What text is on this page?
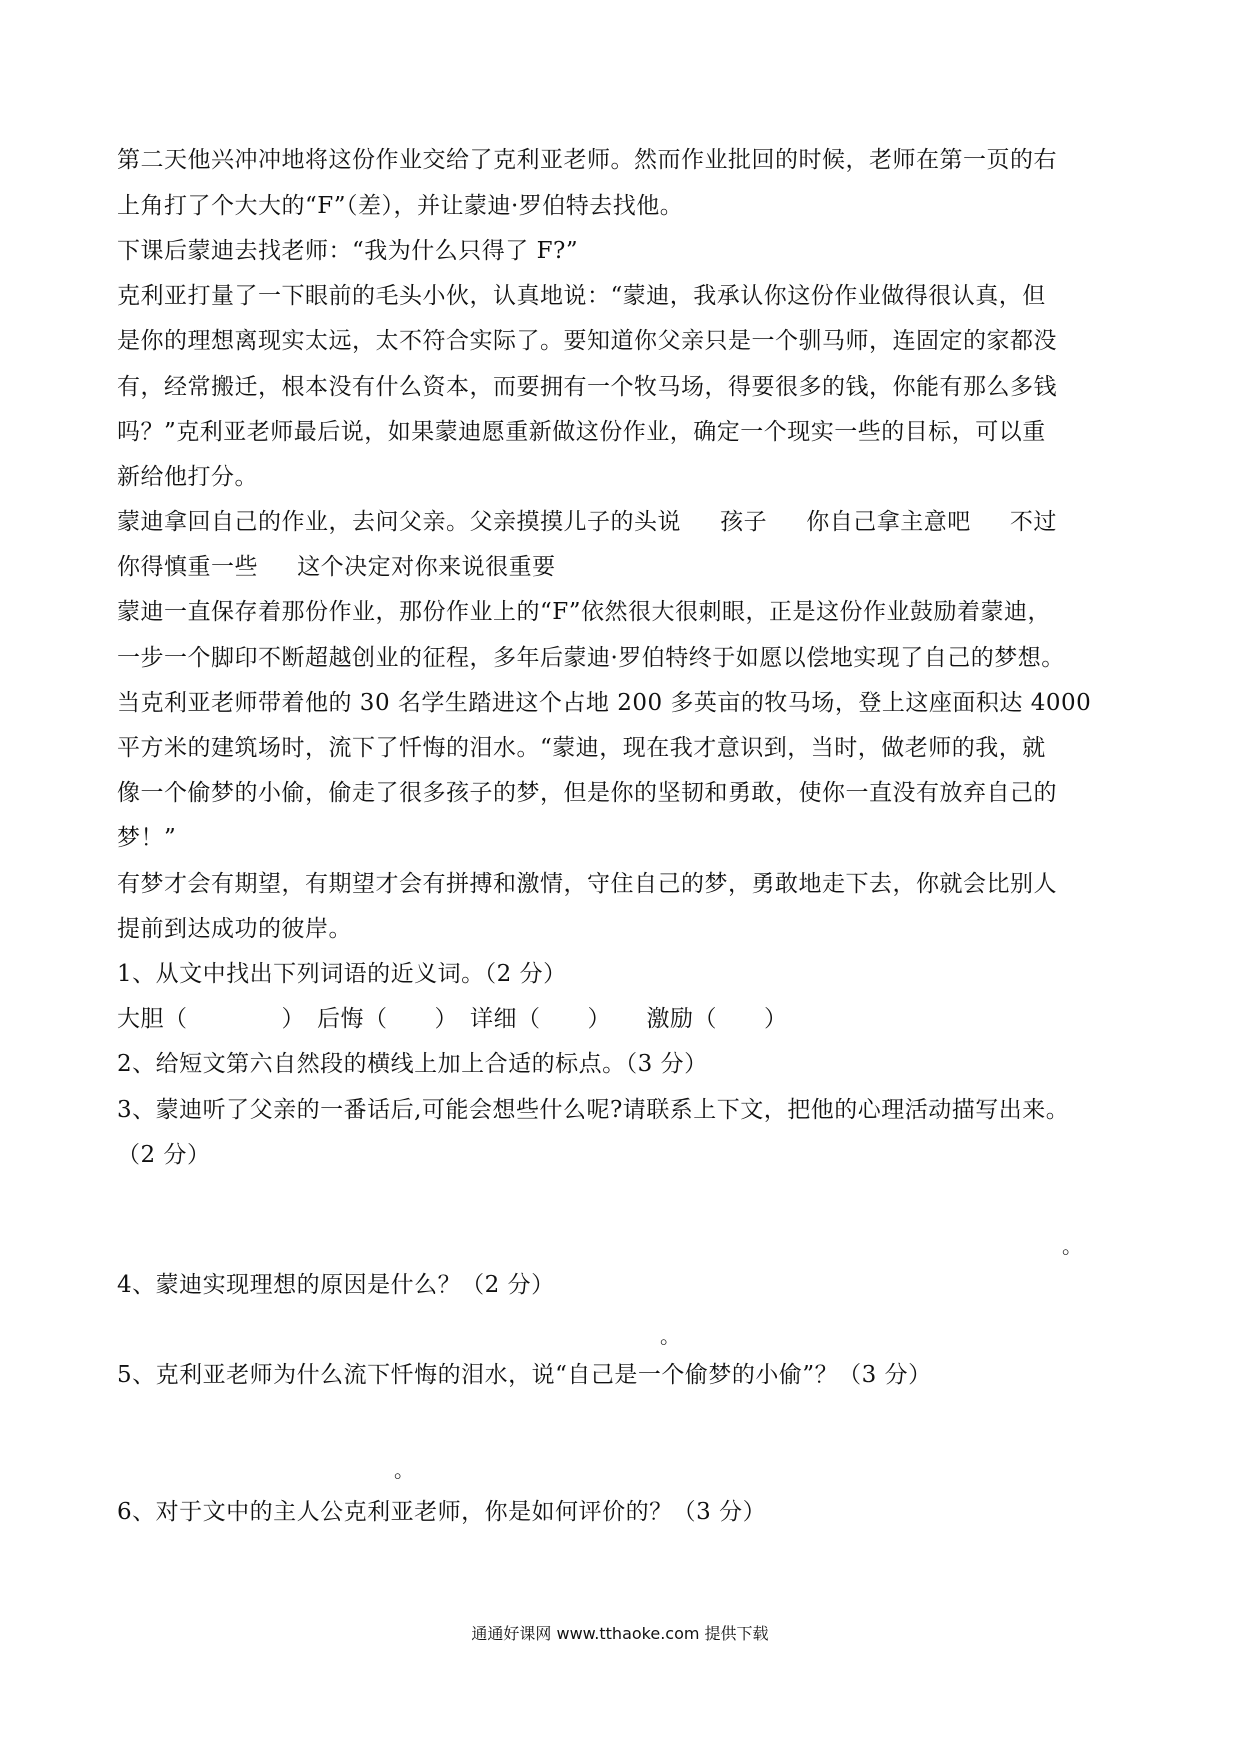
第二天他兴冲冲地将这份作业交给了克利亚老师。然而作业批回的时候，老师在第一页的右
上角打了个大大的“F”（差），并让蒙迪·罗伯特去找他。
下课后蒙迪去找老师：“我为什么只得了 F?”
克利亚打量了一下眼前的毛头小伙，认真地说：“蒙迪，我承认你这份作业做得很认真，但
是你的理想离现实太远，太不符合实际了。要知道你父亲只是一个驯马师，连固定的家都没
有，经常搬迁，根本没有什么资本，而要拥有一个牧马场，得要很多的钱，你能有那么多钱
吗？”克利亚老师最后说，如果蒙迪愿重新做这份作业，确定一个现实一些的目标，可以重
新给他打分。
蒙迪拿回自己的作业，去问父亲。父亲摸摸儿子的头说 　 孩子 　 你自己拿主意吧 　 不过
你得慎重一些 　 这个决定对你来说很重要
蒙迪一直保存着那份作业，那份作业上的“F”依然很大很刺眼，正是这份作业鼓励着蒙迪，
一步一个脚印不断超越创业的征程，多年后蒙迪·罗伯特终于如愿以偿地实现了自己的梦想。
当克利亚老师带着他的 30 名学生踏进这个占地 200 多英亩的牧马场，登上这座面积达 4000
平方米的建筑场时，流下了忏悔的泪水。“蒙迪，现在我才意识到，当时，做老师的我，就
像一个偷梦的小偷，偷走了很多孩子的梦，但是你的坚韧和勇敢，使你一直没有放弃自己的
梦！”
有梦才会有期望，有期望才会有拼搏和激情，守住自己的梦，勇敢地走下去，你就会比别人
提前到达成功的彼岸。
1、从文中找出下列词语的近义词。（2 分）
大胆（　　　　）　后悔（　　）　详细（　　）　　激励（　　）
2、给短文第六自然段的横线上加上合适的标点。（3 分）
3、蒙迪听了父亲的一番话后,可能会想些什么呢?请联系上下文，把他的心理活动描写出来。
（2 分）
。
4、蒙迪实现理想的原因是什么？（2 分）
。
5、克利亚老师为什么流下忏悔的泪水，说“自己是一个偷梦的小偷”？（3 分）
。
6、对于文中的主人公克利亚老师，你是如何评价的？（3 分）
通通好课网 www.tthaoke.com 提供下载
